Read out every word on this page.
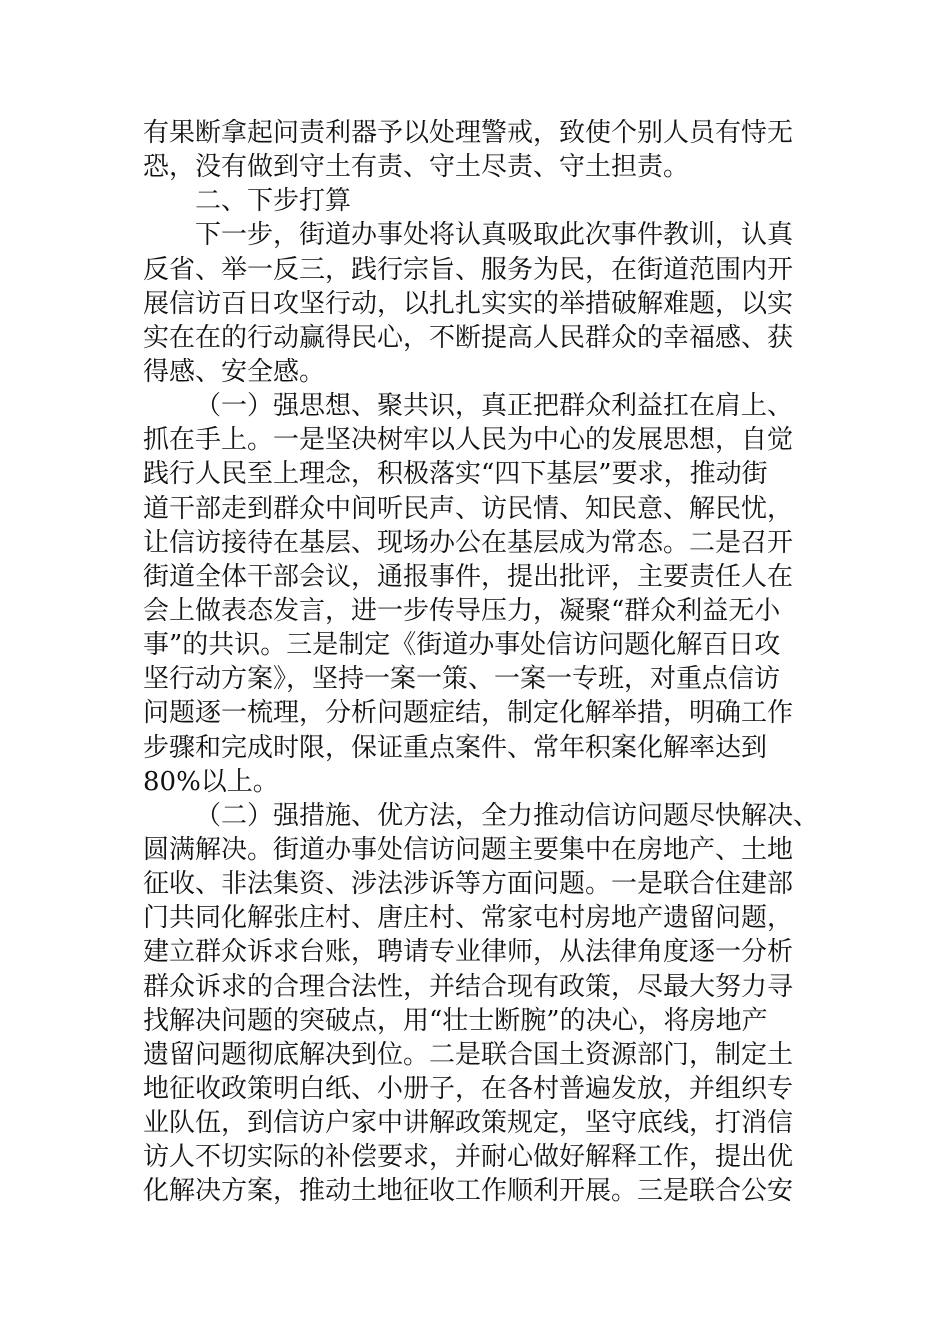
有果断拿起问责利器予以处理警戒，致使个别人员有恃无
恐，没有做到守土有责、守土尽责、守土担责。
二、下步打算
下一步，街道办事处将认真吸取此次事件教训，认真
反省、举一反三，践行宗旨、服务为民，在街道范围内开
展信访百日攻坚行动，以扎扎实实的举措破解难题，以实
实在在的行动赢得民心，不断提高人民群众的幸福感、获
得感、安全感。
（一）强思想、聚共识，真正把群众利益扛在肩上、
抓在手上。一是坚决树牢以人民为中心的发展思想，自觉
践行人民至上理念，积极落实“四下基层”要求，推动街
道干部走到群众中间听民声、访民情、知民意、解民忧，
让信访接待在基层、现场办公在基层成为常态。二是召开
街道全体干部会议，通报事件，提出批评，主要责任人在
会上做表态发言，进一步传导压力，凝聚“群众利益无小
事”的共识。三是制定《街道办事处信访问题化解百日攻
坚行动方案》，坚持一案一策、一案一专班，对重点信访
问题逐一梳理，分析问题症结，制定化解举措，明确工作
步骤和完成时限，保证重点案件、常年积案化解率达到
80%以上。
（二）强措施、优方法，全力推动信访问题尽快解决、
圆满解决。街道办事处信访问题主要集中在房地产、土地
征收、非法集资、涉法涉诉等方面问题。一是联合住建部
门共同化解张庄村、唐庄村、常家屯村房地产遗留问题，
建立群众诉求台账，聘请专业律师，从法律角度逐一分析
群众诉求的合理合法性，并结合现有政策，尽最大努力寻
找解决问题的突破点，用“壮士断腕”的决心，将房地产
遗留问题彻底解决到位。二是联合国土资源部门，制定土
地征收政策明白纸、小册子，在各村普遍发放，并组织专
业队伍，到信访户家中讲解政策规定，坚守底线，打消信
访人不切实际的补偿要求，并耐心做好解释工作，提出优
化解决方案，推动土地征收工作顺利开展。三是联合公安
